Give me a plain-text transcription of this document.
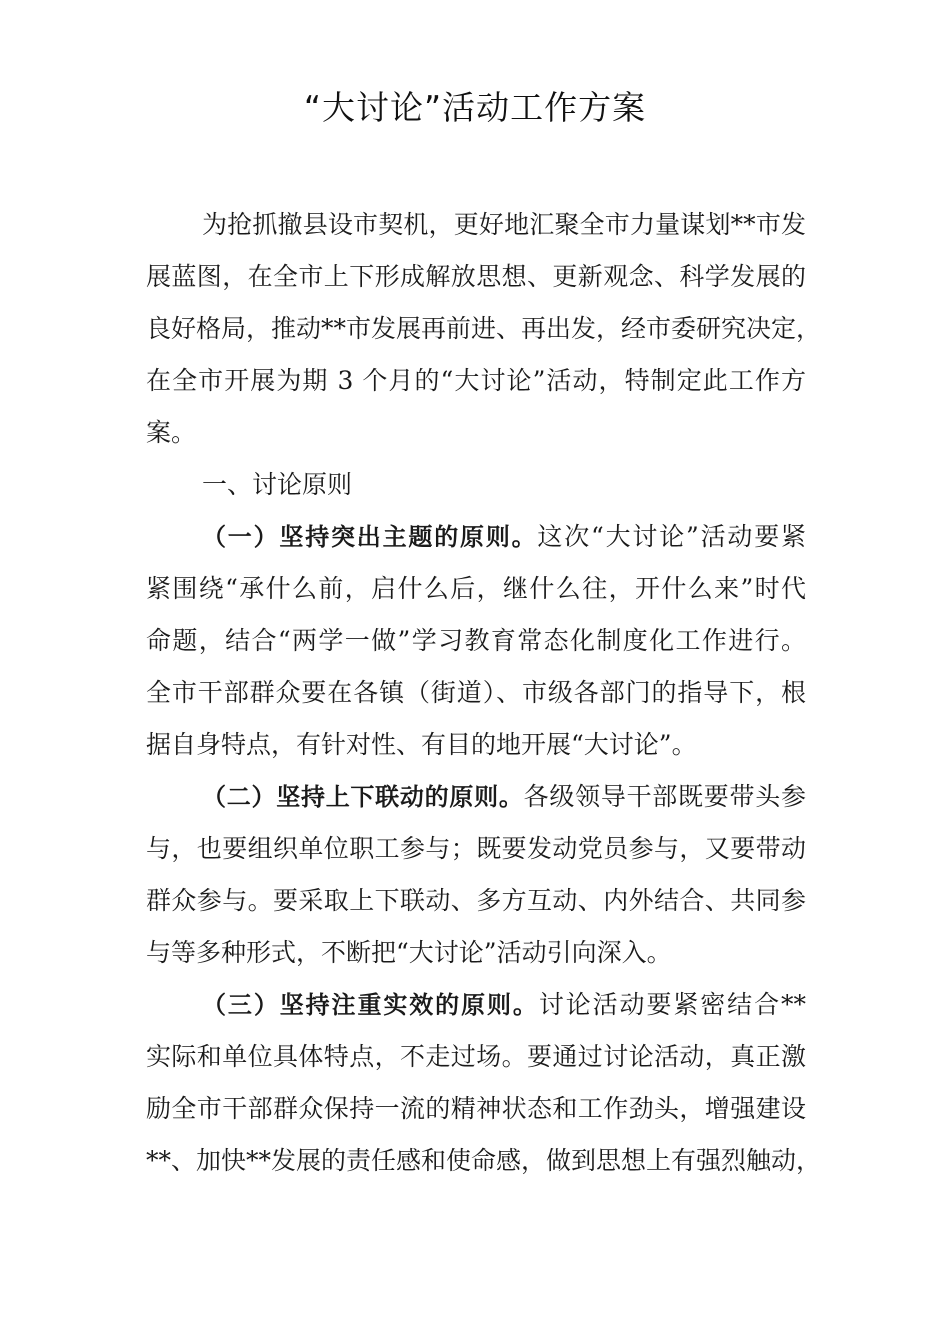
“大讨论”活动工作方案
为抢抓撤县设市契机，更好地汇聚全市力量谋划**市发
展蓝图，在全市上下形成解放思想、更新观念、科学发展的
良好格局，推动**市发展再前进、再出发，经市委研究决定，
在全市开展为期 3 个月的“大讨论”活动，特制定此工作方
案。
一、讨论原则
（一）坚持突出主题的原则。这次“大讨论”活动要紧
紧围绕“承什么前，启什么后，继什么往，开什么来”时代
命题，结合“两学一做”学习教育常态化制度化工作进行。
全市干部群众要在各镇（街道）、市级各部门的指导下，根
据自身特点，有针对性、有目的地开展“大讨论”。
（二）坚持上下联动的原则。各级领导干部既要带头参
与，也要组织单位职工参与；既要发动党员参与，又要带动
群众参与。要采取上下联动、多方互动、内外结合、共同参
与等多种形式，不断把“大讨论”活动引向深入。
（三）坚持注重实效的原则。讨论活动要紧密结合**
实际和单位具体特点，不走过场。要通过讨论活动，真正激
励全市干部群众保持一流的精神状态和工作劲头，增强建设
**、加快**发展的责任感和使命感，做到思想上有强烈触动，
